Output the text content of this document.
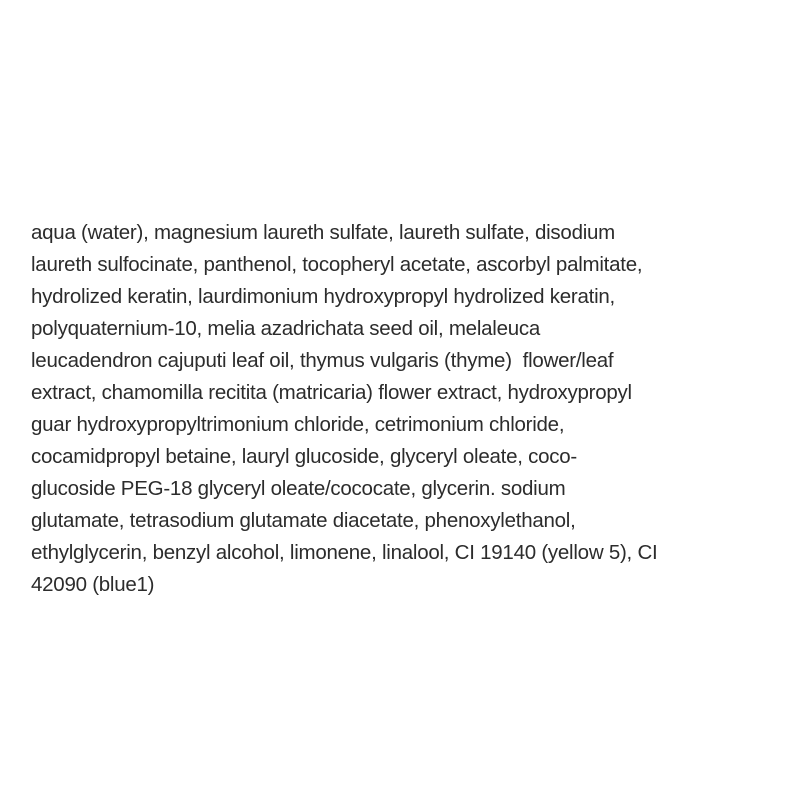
aqua (water), magnesium laureth sulfate, laureth sulfate, disodium
laureth sulfocinate, panthenol, tocopheryl acetate, ascorbyl palmitate,
hydrolized keratin, laurdimonium hydroxypropyl hydrolized keratin,
polyquaternium-10, melia azadrichata seed oil, melaleuca
leucadendron cajuputi leaf oil, thymus vulgaris (thyme)  flower/leaf
extract, chamomilla recitita (matricaria) flower extract, hydroxypropyl
guar hydroxypropyltrimonium chloride, cetrimonium chloride,
cocamidpropyl betaine, lauryl glucoside, glyceryl oleate, coco-
glucoside PEG-18 glyceryl oleate/cococate, glycerin. sodium
glutamate, tetrasodium glutamate diacetate, phenoxylethanol,
ethylglycerin, benzyl alcohol, limonene, linalool, CI 19140 (yellow 5), CI
42090 (blue1)
